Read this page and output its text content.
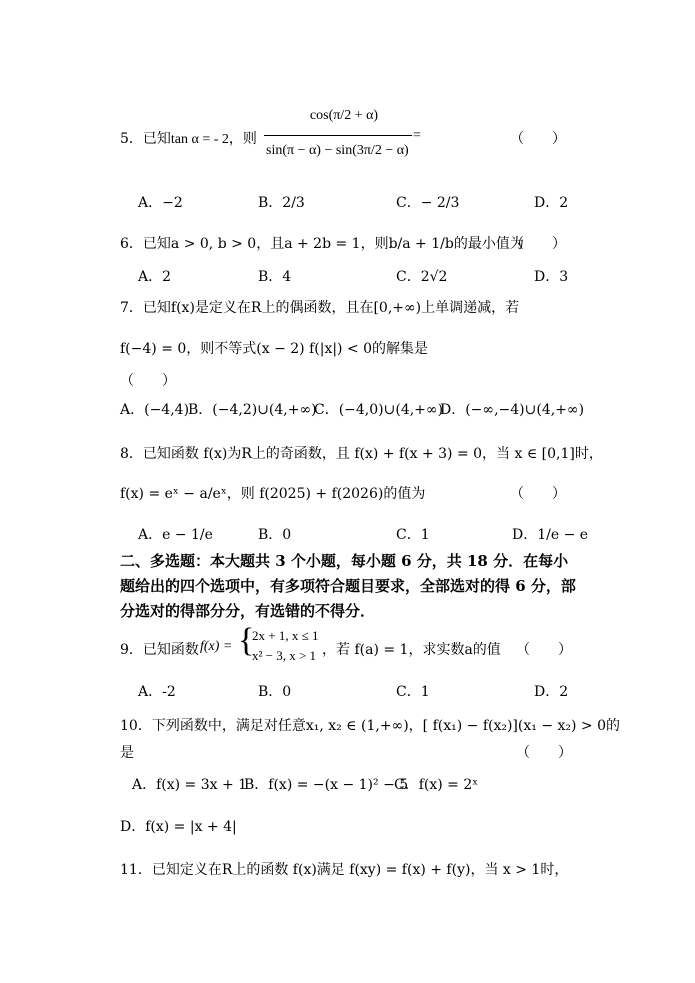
5．已知tan α = - 2，则
cos(π/2 + α)
sin(π − α) − sin(3π/2 − α)
=	（　　）
A．−2	B．2/3	C．− 2/3	D．2
6．已知a > 0, b > 0，且a + 2b = 1，则b/a + 1/b的最小值为
（　　）
A．2	B．4	C．2√2	D．3
7．已知f(x)是定义在R上的偶函数，且在[0,+∞)上单调递减，若
f(−4) = 0，则不等式(x − 2) f(|x|) < 0的解集是
（　　）
A．(−4,4)
B．(−4,2)∪(4,+∞)
C．(−4,0)∪(4,+∞)
D．(−∞,−4)∪(4,+∞)
8．已知函数 f(x)为R上的奇函数，且 f(x) + f(x + 3) = 0，当 x ∈ [0,1]时，
f(x) = eˣ − a/eˣ，则 f(2025) + f(2026)的值为	（　　）
A．e − 1/e	B．0	C．1	D．1/e − e
二、多选题：本大题共 3 个小题，每小题 6 分，共 18 分．在每小题给出的四个选项中，有多项符合题目要求，全部选对的得 6 分，部分选对的得部分分，有选错的不得分．
9．已知函数 f(x) = {
2x + 1, x ≤ 1
x² − 3, x > 1 ，若 f(a) = 1，求实数a的值 （　　）
A．-2	B．0	C．1	D．2
10．下列函数中，满足对任意x₁, x₂ ∈ (1,+∞)，[ f(x₁) − f(x₂)](x₁ − x₂) > 0的
是	（　　）
A．f(x) = 3x + 1
B．f(x) = −(x − 1)² − 5
C．f(x) = 2ˣ
D．f(x) = |x + 4|
11．已知定义在R上的函数 f(x)满足 f(xy) = f(x) + f(y)，当 x > 1时，
